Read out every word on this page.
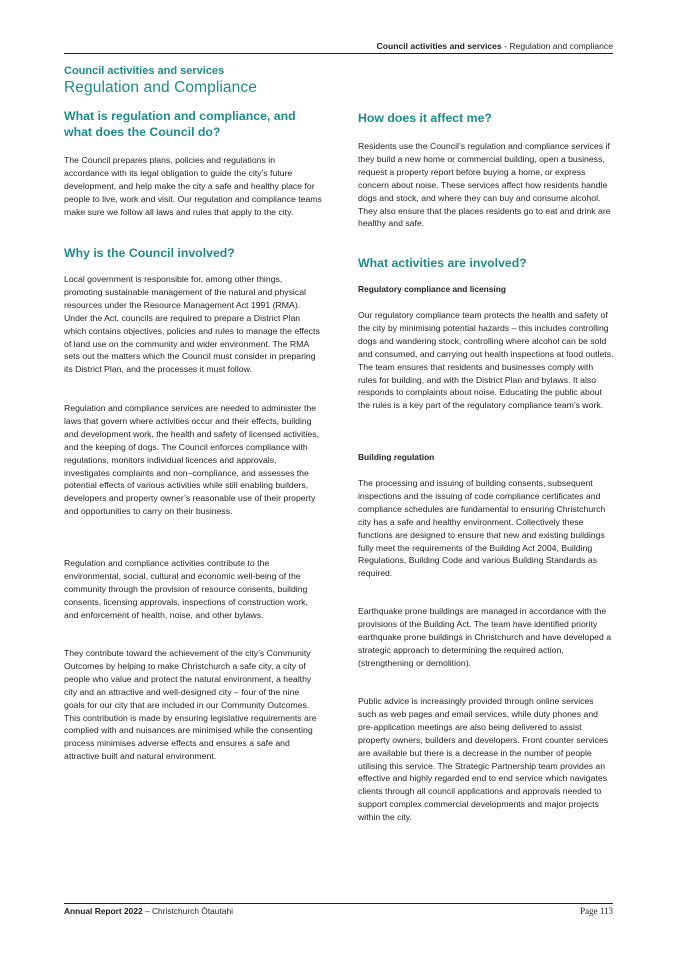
Council activities and services - Regulation and compliance
Council activities and services
Regulation and Compliance
What is regulation and compliance, and what does the Council do?

The Council prepares plans, policies and regulations in accordance with its legal obligation to guide the city’s future development, and help make the city a safe and healthy place for people to live, work and visit. Our regulation and compliance teams make sure we follow all laws and rules that apply to the city.

Why is the Council involved?

Local government is responsible for, among other things, promoting sustainable management of the natural and physical resources under the Resource Management Act 1991 (RMA). Under the Act, councils are required to prepare a District Plan which contains objectives, policies and rules to manage the effects of land use on the community and wider environment. The RMA sets out the matters which the Council must consider in preparing its District Plan, and the processes it must follow.

Regulation and compliance services are needed to administer the laws that govern where activities occur and their effects, building and development work, the health and safety of licensed activities, and the keeping of dogs. The Council enforces compliance with regulations, monitors individual licences and approvals, investigates complaints and non–compliance, and assesses the potential effects of various activities while still enabling builders, developers and property owner’s reasonable use of their property and opportunities to carry on their business.

Regulation and compliance activities contribute to the environmental, social, cultural and economic well-being of the community through the provision of resource consents, building consents, licensing approvals, inspections of construction work, and enforcement of health, noise, and other bylaws.

They contribute toward the achievement of the city’s Community Outcomes by helping to make Christchurch a safe city, a city of people who value and protect the natural environment, a healthy city and an attractive and well-designed city – four of the nine goals for our city that are included in our Community Outcomes. This contribution is made by ensuring legislative requirements are complied with and nuisances are minimised while the consenting process minimises adverse effects and ensures a safe and attractive built and natural environment.

How does it affect me?

Residents use the Council’s regulation and compliance services if they build a new home or commercial building, open a business, request a property report before buying a home, or express concern about noise. These services affect how residents handle dogs and stock, and where they can buy and consume alcohol. They also ensure that the places residents go to eat and drink are healthy and safe.

What activities are involved?
Regulatory compliance and licensing

Our regulatory compliance team protects the health and safety of the city by minimising potential hazards – this includes controlling dogs and wandering stock, controlling where alcohol can be sold and consumed, and carrying out health inspections at food outlets. The team ensures that residents and businesses comply with rules for building, and with the District Plan and bylaws. It also responds to complaints about noise. Educating the public about the rules is a key part of the regulatory compliance team’s work.

Building regulation

The processing and issuing of building consents, subsequent inspections and the issuing of code compliance certificates and compliance schedules are fundamental to ensuring Christchurch city has a safe and healthy environment. Collectively these functions are designed to ensure that new and existing buildings fully meet the requirements of the Building Act 2004, Building Regulations, Building Code and various Building Standards as required.

Earthquake prone buildings are managed in accordance with the provisions of the Building Act. The team have identified priority earthquake prone buildings in Christchurch and have developed a strategic approach to determining the required action, (strengthening or demolition).

Public advice is increasingly provided through online services such as web pages and email services, while duty phones and pre-application meetings are also being delivered to assist property owners, builders and developers. Front counter services are available but there is a decrease in the number of people utilising this service. The Strategic Partnership team provides an effective and highly regarded end to end service which navigates clients through all council applications and approvals needed to support complex commercial developments and major projects within the city.

Annual Report 2022 – Christchurch Ōtautahi	Page 113
